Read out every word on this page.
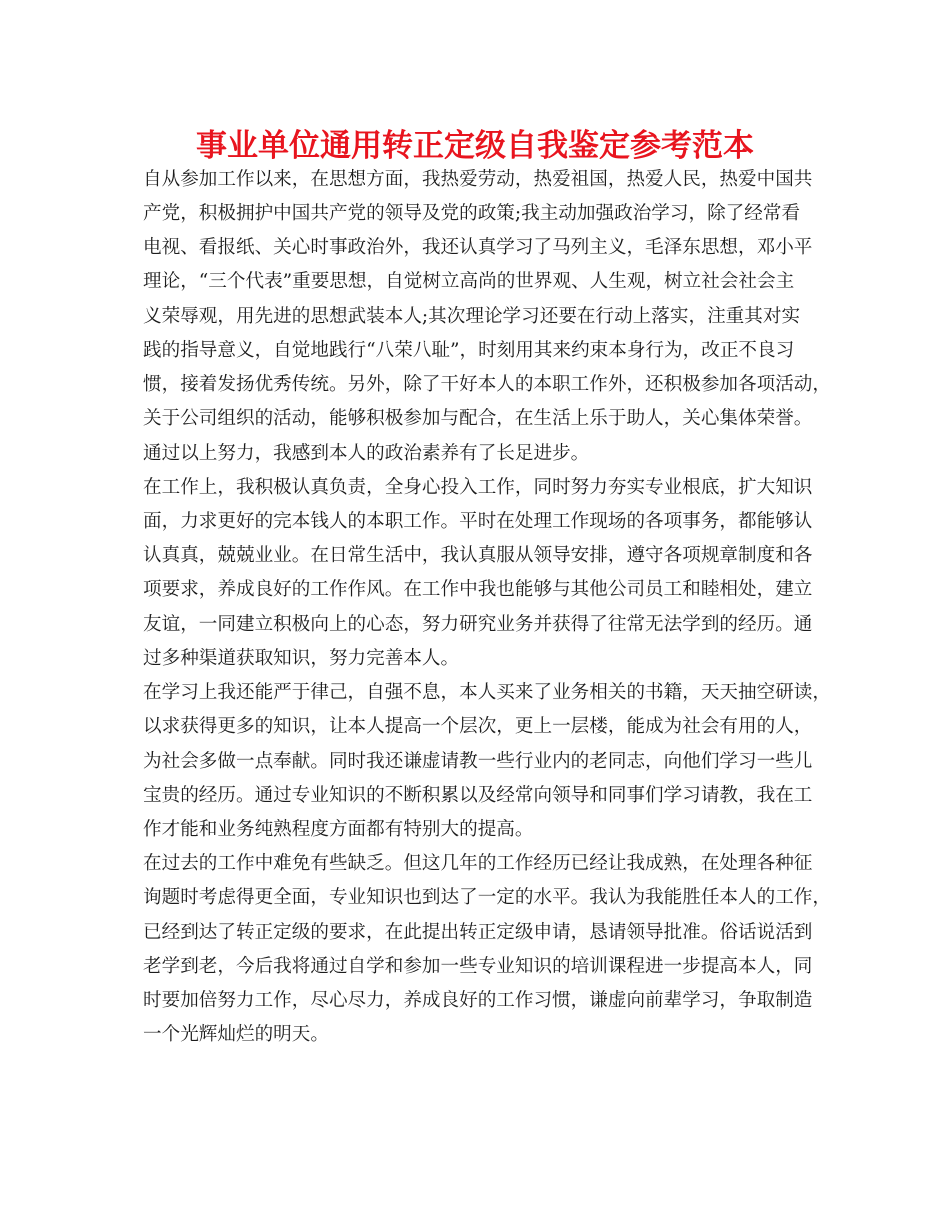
事业单位通用转正定级自我鉴定参考范本
自从参加工作以来，在思想方面，我热爱劳动，热爱祖国，热爱人民，热爱中国共
产党，积极拥护中国共产党的领导及党的政策;我主动加强政治学习，除了经常看
电视、看报纸、关心时事政治外，我还认真学习了马列主义，毛泽东思想，邓小平
理论，“三个代表”重要思想，自觉树立高尚的世界观、人生观，树立社会社会主
义荣辱观，用先进的思想武装本人;其次理论学习还要在行动上落实，注重其对实
践的指导意义，自觉地践行“八荣八耻”，时刻用其来约束本身行为，改正不良习
惯，接着发扬优秀传统。另外，除了干好本人的本职工作外，还积极参加各项活动，
关于公司组织的活动，能够积极参加与配合，在生活上乐于助人，关心集体荣誉。
通过以上努力，我感到本人的政治素养有了长足进步。
在工作上，我积极认真负责，全身心投入工作，同时努力夯实专业根底，扩大知识
面，力求更好的完本钱人的本职工作。平时在处理工作现场的各项事务，都能够认
认真真，兢兢业业。在日常生活中，我认真服从领导安排，遵守各项规章制度和各
项要求，养成良好的工作作风。在工作中我也能够与其他公司员工和睦相处，建立
友谊，一同建立积极向上的心态，努力研究业务并获得了往常无法学到的经历。通
过多种渠道获取知识，努力完善本人。
在学习上我还能严于律己，自强不息，本人买来了业务相关的书籍，天天抽空研读，
以求获得更多的知识，让本人提高一个层次，更上一层楼，能成为社会有用的人，
为社会多做一点奉献。同时我还谦虚请教一些行业内的老同志，向他们学习一些儿
宝贵的经历。通过专业知识的不断积累以及经常向领导和同事们学习请教，我在工
作才能和业务纯熟程度方面都有特别大的提高。
在过去的工作中难免有些缺乏。但这几年的工作经历已经让我成熟，在处理各种征
询题时考虑得更全面，专业知识也到达了一定的水平。我认为我能胜任本人的工作，
已经到达了转正定级的要求，在此提出转正定级申请，恳请领导批准。俗话说活到
老学到老，今后我将通过自学和参加一些专业知识的培训课程进一步提高本人，同
时要加倍努力工作，尽心尽力，养成良好的工作习惯，谦虚向前辈学习，争取制造
一个光辉灿烂的明天。
